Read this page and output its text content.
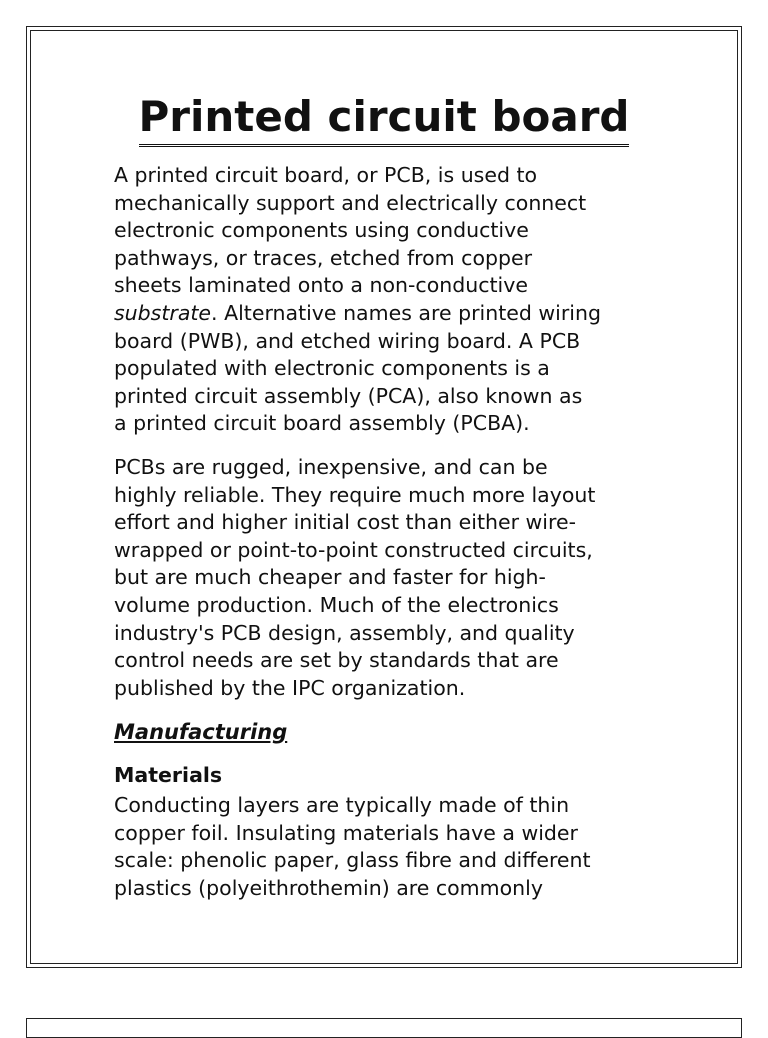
Printed circuit board

A printed circuit board, or PCB, is used to
mechanically support and electrically connect
electronic components using conductive
pathways, or traces, etched from copper
sheets laminated onto a non-conductive
substrate. Alternative names are printed wiring
board (PWB), and etched wiring board. A PCB
populated with electronic components is a
printed circuit assembly (PCA), also known as
a printed circuit board assembly (PCBA).

PCBs are rugged, inexpensive, and can be
highly reliable. They require much more layout
effort and higher initial cost than either wire-
wrapped or point-to-point constructed circuits,
but are much cheaper and faster for high-
volume production. Much of the electronics
industry's PCB design, assembly, and quality
control needs are set by standards that are
published by the IPC organization.

Manufacturing
Materials

Conducting layers are typically made of thin
copper foil. Insulating materials have a wider
scale: phenolic paper, glass fibre and different
plastics (polyeithrothemin) are commonly
